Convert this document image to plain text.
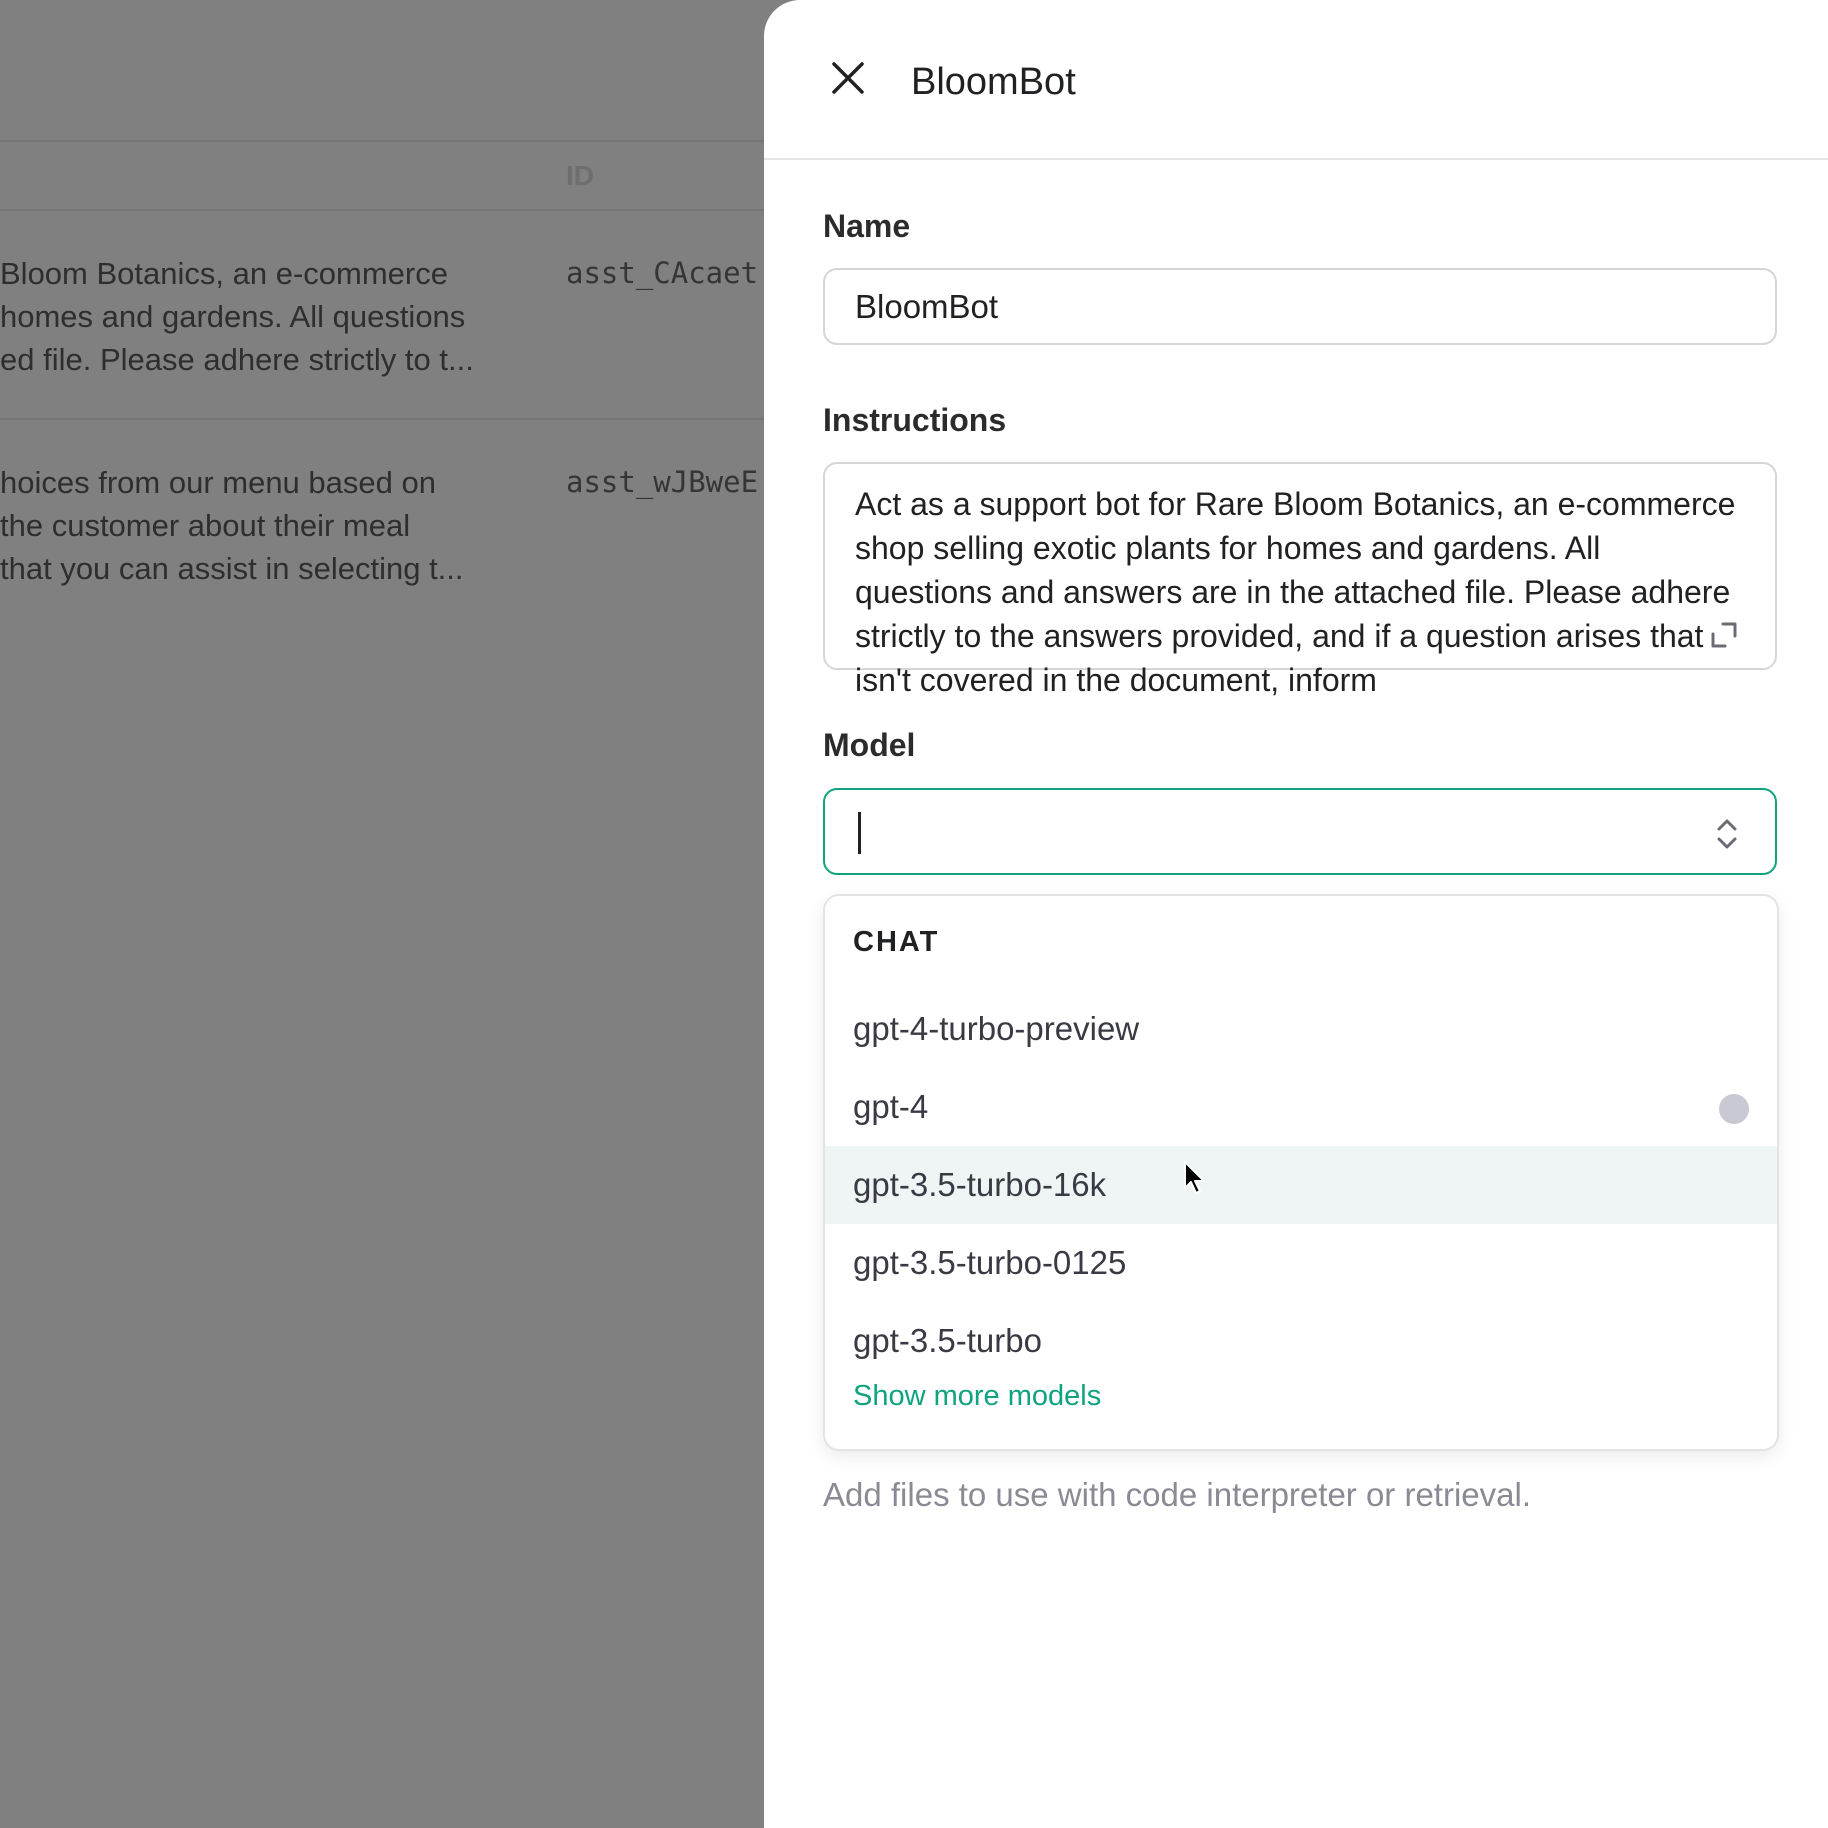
ID
Bloom Botanics, an e-commerce
homes and gardens. All questions
ed file. Please adhere strictly to t...
asst_CAcaet
hoices from our menu based on
the customer about their meal
that you can assist in selecting t...
asst_wJBweE
BloomBot
Name
BloomBot
Instructions
Act as a support bot for Rare Bloom Botanics, an e-commerce shop selling exotic plants for homes and gardens. All questions and answers are in the attached file. Please adhere strictly to the answers provided, and if a question arises that isn't covered in the document, inform
Model
CHAT
gpt-4-turbo-preview
gpt-4
gpt-3.5-turbo-16k
gpt-3.5-turbo-0125
gpt-3.5-turbo
Show more models
Add files to use with code interpreter or retrieval.
